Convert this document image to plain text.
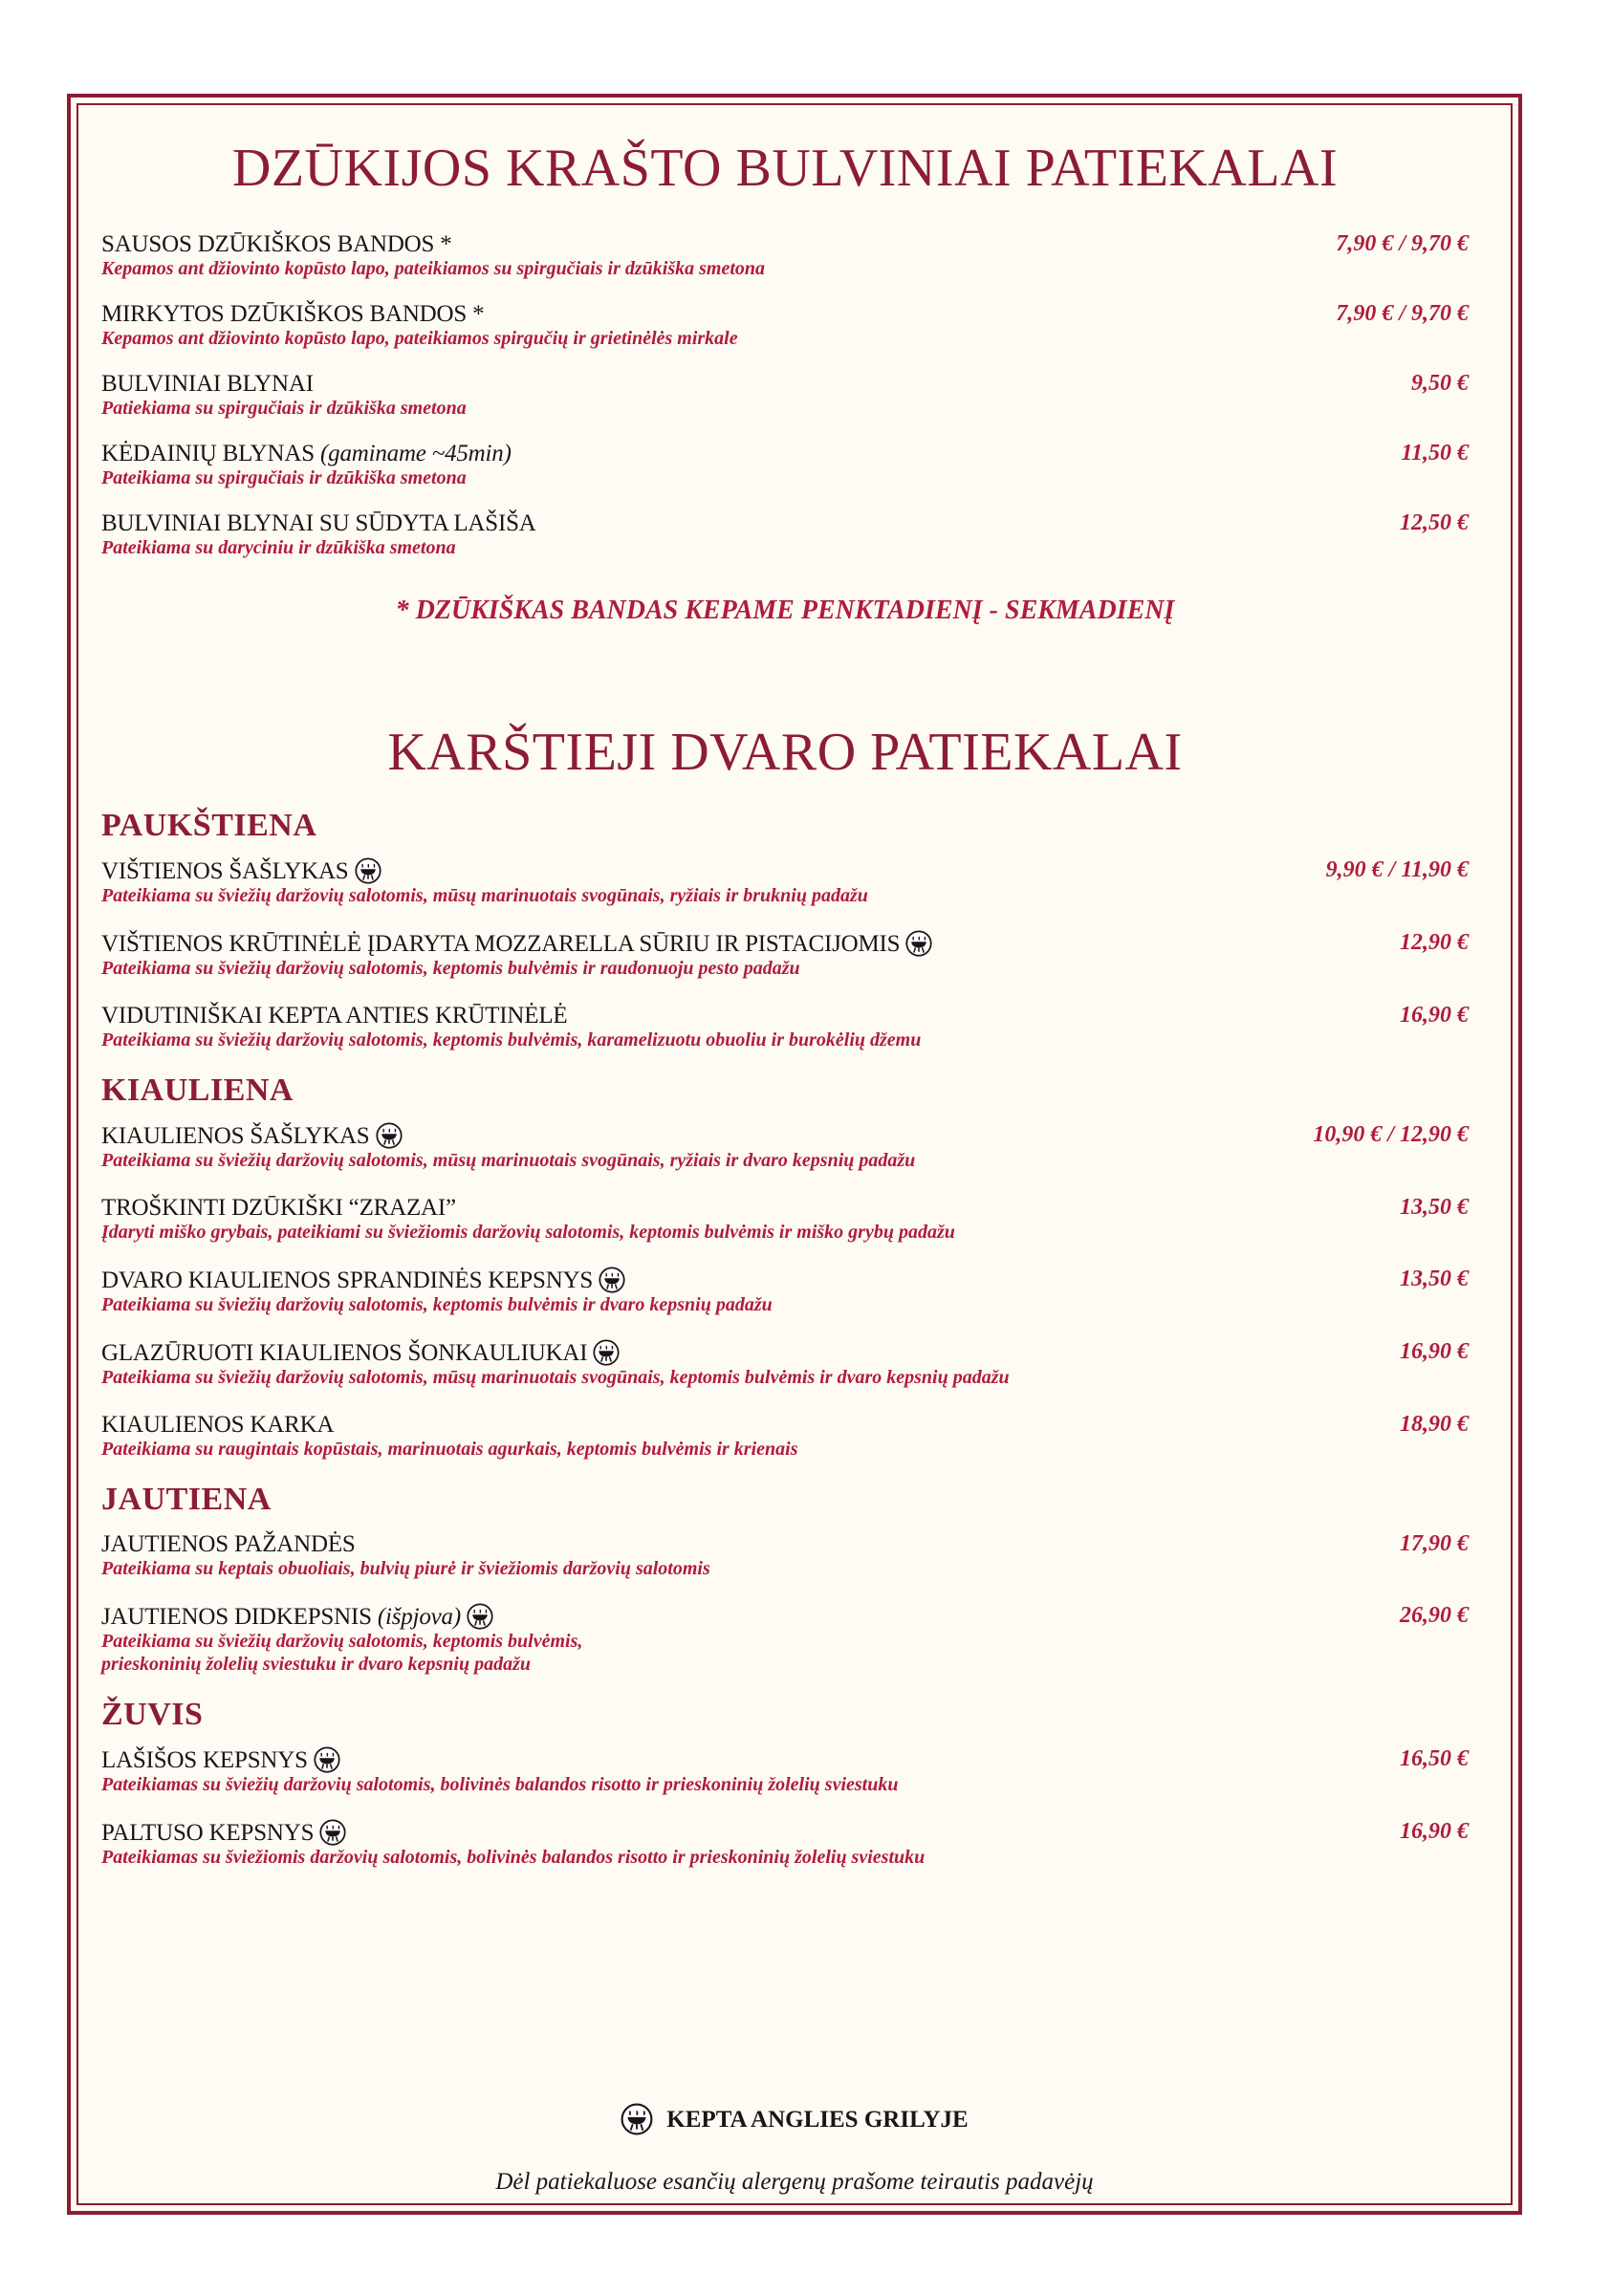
DZŪKIJOS KRAŠTO BULVINIAI PATIEKALAI
SAUSOS DZŪKIŠKOS BANDOS *
Kepamos ant džiovinto kopūsto lapo, pateikiamos su spirgučiais ir dzūkiška smetona
7,90 € / 9,70 €
MIRKYTOS DZŪKIŠKOS BANDOS *
Kepamos ant džiovinto kopūsto lapo, pateikiamos spirgučių ir grietinėlės mirkale
7,90 € / 9,70 €
BULVINIAI BLYNAI
Patiekiama su spirgučiais ir dzūkiška smetona
9,50 €
KĖDAINIŲ BLYNAS (gaminame ~45min)
Pateikiama su spirgučiais ir dzūkiška smetona
11,50 €
BULVINIAI BLYNAI SU SŪDYTA LAŠIŠA
Pateikiama su daryciniu ir dzūkiška smetona
12,50 €
* DZŪKIŠKAS BANDAS KEPAME PENKTADIENĮ - SEKMADIENĮ
KARŠTIEJI DVARO PATIEKALAI
PAUKŠTIENA
VIŠTIENOS ŠAŠLYKAS
Pateikiama su šviežių daržovių salotomis, mūsų marinuotais svogūnais, ryžiais ir bruknių padažu
9,90 € / 11,90 €
VIŠTIENOS KRŪTINĖLĖ ĮDARYTA MOZZARELLA SŪRIU IR PISTACIJOMIS
Pateikiama su šviežių daržovių salotomis, keptomis bulvėmis ir raudonuoju pesto padažu
12,90 €
VIDUTINIŠKAI KEPTA ANTIES KRŪTINĖLĖ
Pateikiama su šviežių daržovių salotomis, keptomis bulvėmis, karamelizuotu obuoliu ir burokėlių džemu
16,90 €
KIAULIENA
KIAULIENOS ŠAŠLYKAS
Pateikiama su šviežių daržovių salotomis, mūsų marinuotais svogūnais, ryžiais ir dvaro kepsnių padažu
10,90 € / 12,90 €
TROŠKINTI DZŪKIŠKI “ZRAZAI”
Įdaryti miško grybais, pateikiami su šviežiomis daržovių salotomis, keptomis bulvėmis ir miško grybų padažu
13,50 €
DVARO KIAULIENOS SPRANDINĖS KEPSNYS
Pateikiama su šviežių daržovių salotomis, keptomis bulvėmis ir dvaro kepsnių padažu
13,50 €
GLAZŪRUOTI KIAULIENOS ŠONKAULIUKAI
Pateikiama su šviežių daržovių salotomis, mūsų marinuotais svogūnais, keptomis bulvėmis ir dvaro kepsnių padažu
16,90 €
KIAULIENOS KARKA
Pateikiama su raugintais kopūstais, marinuotais agurkais, keptomis bulvėmis ir krienais
18,90 €
JAUTIENA
JAUTIENOS PAŽANDĖS
Pateikiama su keptais obuoliais, bulvių piurė ir šviežiomis daržovių salotomis
17,90 €
JAUTIENOS DIDKEPSNIS (išpjova)
Pateikiama su šviežių daržovių salotomis, keptomis bulvėmis,
prieskoninių žolelių sviestuku ir dvaro kepsnių padažu
26,90 €
ŽUVIS
LAŠIŠOS KEPSNYS
Pateikiamas su šviežių daržovių salotomis, bolivinės balandos risotto ir prieskoninių žolelių sviestuku
16,50 €
PALTUSO KEPSNYS
Pateikiamas su šviežiomis daržovių salotomis, bolivinės balandos risotto ir prieskoninių žolelių sviestuku
16,90 €
KEPTA ANGLIES GRILYJE
Dėl patiekaluose esančių alergenų prašome teirautis padavėjų
